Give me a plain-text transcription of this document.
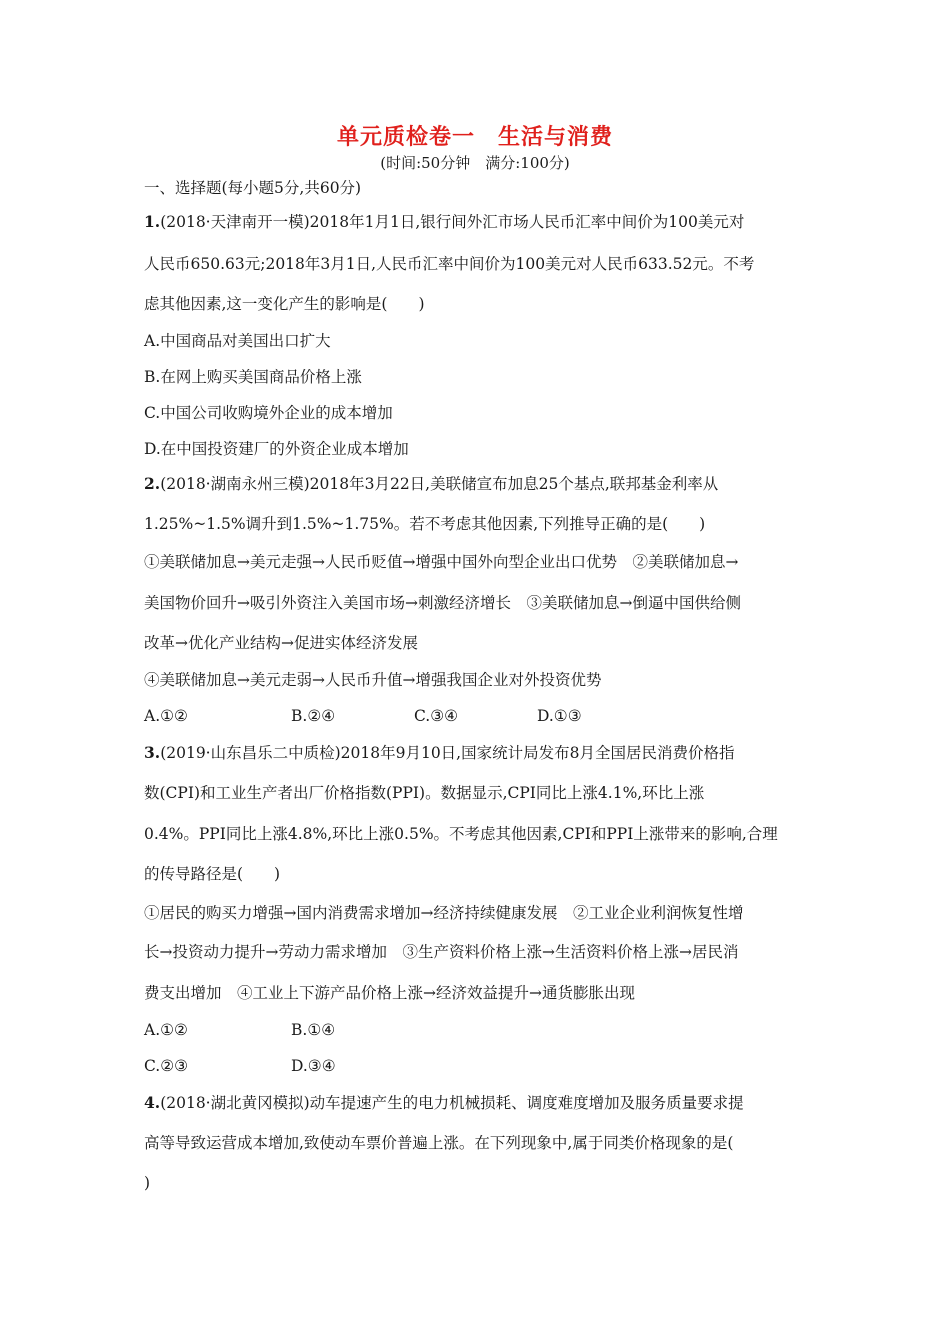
单元质检卷一　生活与消费
(时间:50分钟　满分:100分)
一、选择题(每小题5分,共60分)
1.(2018·天津南开一模)2018年1月1日,银行间外汇市场人民币汇率中间价为100美元对
人民币650.63元;2018年3月1日,人民币汇率中间价为100美元对人民币633.52元。不考
虑其他因素,这一变化产生的影响是(　　)
A.中国商品对美国出口扩大
B.在网上购买美国商品价格上涨
C.中国公司收购境外企业的成本增加
D.在中国投资建厂的外资企业成本增加
2.(2018·湖南永州三模)2018年3月22日,美联储宣布加息25个基点,联邦基金利率从
1.25%~1.5%调升到1.5%~1.75%。若不考虑其他因素,下列推导正确的是(　　)
①美联储加息→美元走强→人民币贬值→增强中国外向型企业出口优势　②美联储加息→
美国物价回升→吸引外资注入美国市场→刺激经济增长　③美联储加息→倒逼中国供给侧
改革→优化产业结构→促进实体经济发展
④美联储加息→美元走弱→人民币升值→增强我国企业对外投资优势
A.①②	B.②④	C.③④	D.①③
3.(2019·山东昌乐二中质检)2018年9月10日,国家统计局发布8月全国居民消费价格指
数(CPI)和工业生产者出厂价格指数(PPI)。数据显示,CPI同比上涨4.1%,环比上涨
0.4%。PPI同比上涨4.8%,环比上涨0.5%。不考虑其他因素,CPI和PPI上涨带来的影响,合理
的传导路径是(　　)
①居民的购买力增强→国内消费需求增加→经济持续健康发展　②工业企业利润恢复性增
长→投资动力提升→劳动力需求增加　③生产资料价格上涨→生活资料价格上涨→居民消
费支出增加　④工业上下游产品价格上涨→经济效益提升→通货膨胀出现
A.①②	B.①④
C.②③	D.③④
4.(2018·湖北黄冈模拟)动车提速产生的电力机械损耗、调度难度增加及服务质量要求提
高等导致运营成本增加,致使动车票价普遍上涨。在下列现象中,属于同类价格现象的是(
)
